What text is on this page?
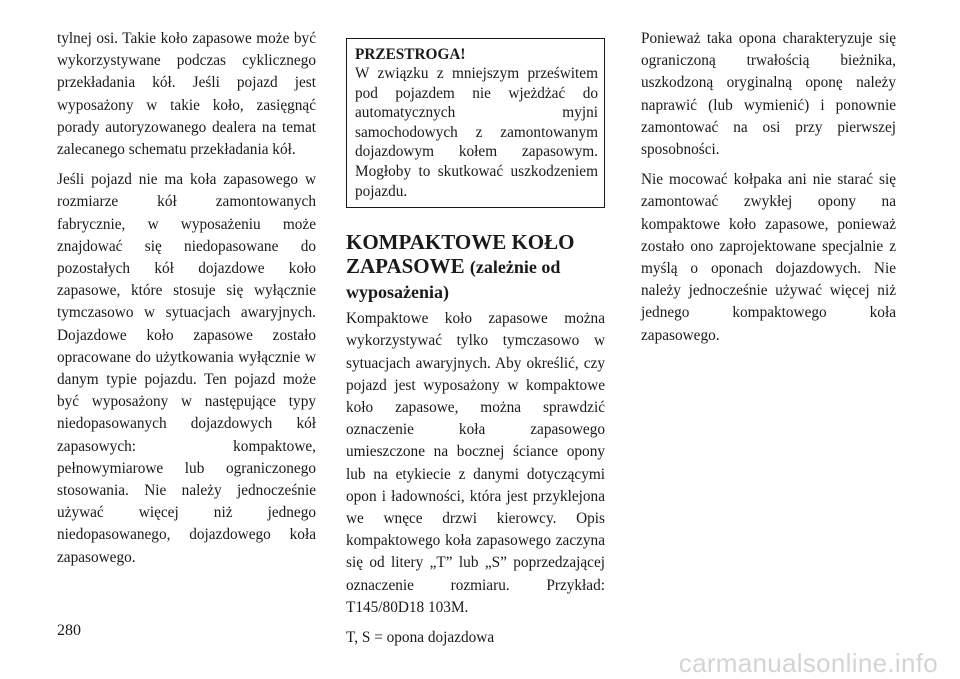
tylnej osi. Takie koło zapasowe może być wykorzystywane podczas cyklicznego przekładania kół. Jeśli pojazd jest wyposażony w takie koło, zasięgnąć porady autoryzowanego dealera na temat zalecanego schematu przekładania kół.

Jeśli pojazd nie ma koła zapasowego w rozmiarze kół zamontowanych fabrycznie, w wyposażeniu może znajdować się niedopasowane do pozostałych kół dojazdowe koło zapasowe, które stosuje się wyłącznie tymczasowo w sytuacjach awaryjnych. Dojazdowe koło zapasowe zostało opracowane do użytkowania wyłącznie w danym typie pojazdu. Ten pojazd może być wyposażony w następujące typy niedopasowanych dojazdowych kół zapasowych: kompaktowe, pełnowymiarowe lub ograniczonego stosowania. Nie należy jednocześnie używać więcej niż jednego niedopasowanego, dojazdowego koła zapasowego.

PRZESTROGA!
W związku z mniejszym prześwitem pod pojazdem nie wjeżdżać do automatycznych myjni samochodowych z zamontowanym dojazdowym kołem zapasowym. Mogłoby to skutkować uszkodzeniem pojazdu.
KOMPAKTOWE KOŁO ZAPASOWE (zależnie od wyposażenia)

Kompaktowe koło zapasowe można wykorzystywać tylko tymczasowo w sytuacjach awaryjnych. Aby określić, czy pojazd jest wyposażony w kompaktowe koło zapasowe, można sprawdzić oznaczenie koła zapasowego umieszczone na bocznej ściance opony lub na etykiecie z danymi dotyczącymi opon i ładowności, która jest przyklejona we wnęce drzwi kierowcy. Opis kompaktowego koła zapasowego zaczyna się od litery „T” lub „S” poprzedzającej oznaczenie rozmiaru. Przykład: T145/80D18 103M.

T, S = opona dojazdowa

Ponieważ taka opona charakteryzuje się ograniczoną trwałością bieżnika, uszkodzoną oryginalną oponę należy naprawić (lub wymienić) i ponownie zamontować na osi przy pierwszej sposobności.

Nie mocować kołpaka ani nie starać się zamontować zwykłej opony na kompaktowe koło zapasowe, ponieważ zostało ono zaprojektowane specjalnie z myślą o oponach dojazdowych. Nie należy jednocześnie używać więcej niż jednego kompaktowego koła zapasowego.

280
carmanualsonline.info
